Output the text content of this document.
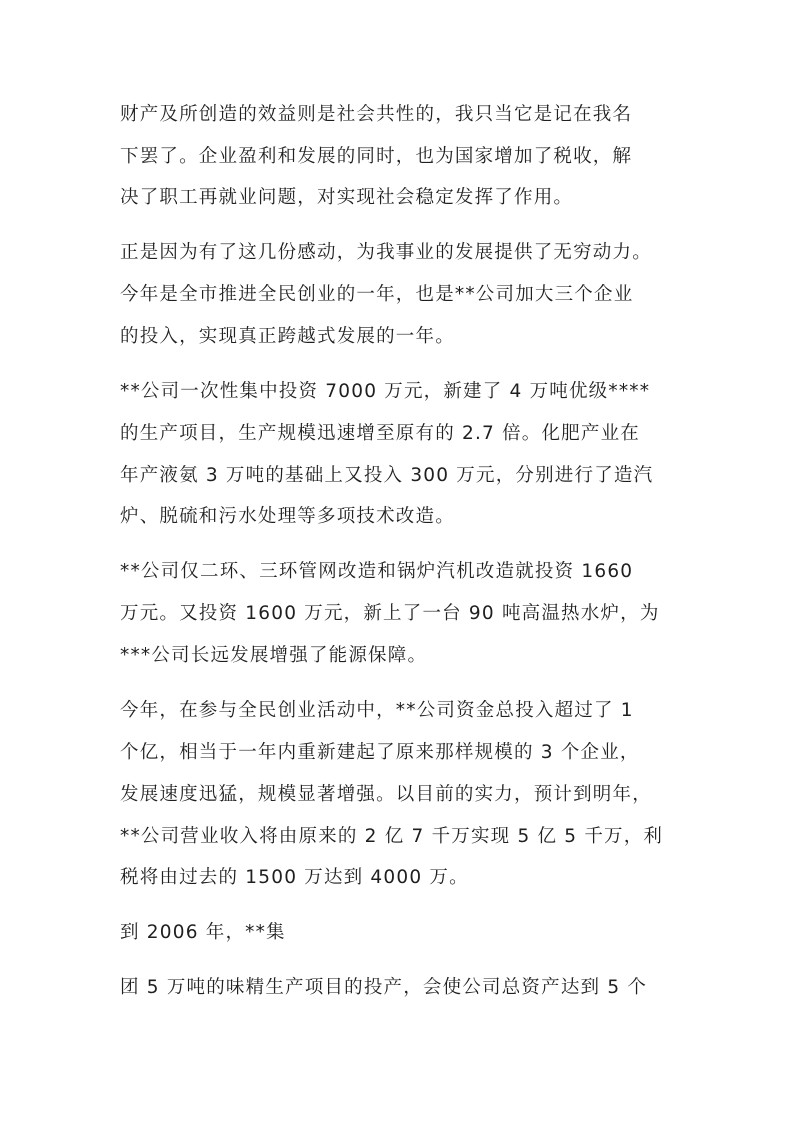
财产及所创造的效益则是社会共性的，我只当它是记在我名
下罢了。企业盈利和发展的同时，也为国家增加了税收，解
决了职工再就业问题，对实现社会稳定发挥了作用。
正是因为有了这几份感动，为我事业的发展提供了无穷动力。
今年是全市推进全民创业的一年，也是**公司加大三个企业
的投入，实现真正跨越式发展的一年。
**公司一次性集中投资 7000 万元，新建了 4 万吨优级****
的生产项目，生产规模迅速增至原有的 2.7 倍。化肥产业在
年产液氨 3 万吨的基础上又投入 300 万元，分别进行了造汽
炉、脱硫和污水处理等多项技术改造。
**公司仅二环、三环管网改造和锅炉汽机改造就投资 1660
万元。又投资 1600 万元，新上了一台 90 吨高温热水炉，为
***公司长远发展增强了能源保障。
今年，在参与全民创业活动中，**公司资金总投入超过了 1
个亿，相当于一年内重新建起了原来那样规模的 3 个企业，
发展速度迅猛，规模显著增强。以目前的实力，预计到明年，
**公司营业收入将由原来的 2 亿 7 千万实现 5 亿 5 千万，利
税将由过去的 1500 万达到 4000 万。
到 2006 年，**集
团 5 万吨的味精生产项目的投产，会使公司总资产达到 5 个
